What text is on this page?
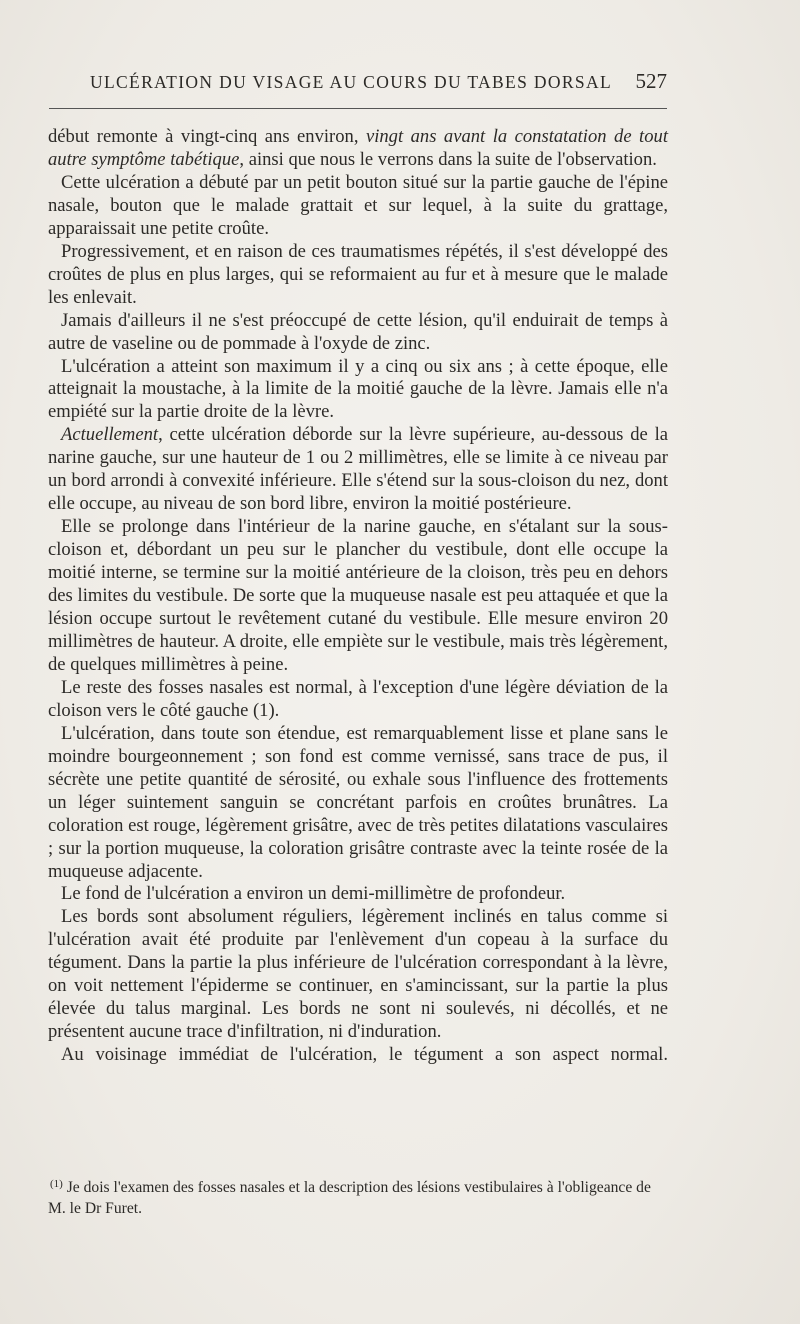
ULCÉRATION DU VISAGE AU COURS DU TABES DORSAL 527

début remonte à vingt-cinq ans environ, vingt ans avant la constatation de tout autre symptôme tabétique, ainsi que nous le verrons dans la suite de l'observation.

Cette ulcération a débuté par un petit bouton situé sur la partie gauche de l'épine nasale, bouton que le malade grattait et sur lequel, à la suite du grattage, apparaissait une petite croûte.

Progressivement, et en raison de ces traumatismes répétés, il s'est développé des croûtes de plus en plus larges, qui se reformaient au fur et à mesure que le malade les enlevait.

Jamais d'ailleurs il ne s'est préoccupé de cette lésion, qu'il enduirait de temps à autre de vaseline ou de pommade à l'oxyde de zinc.

L'ulcération a atteint son maximum il y a cinq ou six ans ; à cette époque, elle atteignait la moustache, à la limite de la moitié gauche de la lèvre. Jamais elle n'a empiété sur la partie droite de la lèvre.

Actuellement, cette ulcération déborde sur la lèvre supérieure, au-dessous de la narine gauche, sur une hauteur de 1 ou 2 millimètres, elle se limite à ce niveau par un bord arrondi à convexité inférieure. Elle s'étend sur la sous-cloison du nez, dont elle occupe, au niveau de son bord libre, environ la moitié postérieure.

Elle se prolonge dans l'intérieur de la narine gauche, en s'étalant sur la sous-cloison et, débordant un peu sur le plancher du vestibule, dont elle occupe la moitié interne, se termine sur la moitié antérieure de la cloison, très peu en dehors des limites du vestibule. De sorte que la muqueuse nasale est peu attaquée et que la lésion occupe surtout le revêtement cutané du vestibule. Elle mesure environ 20 millimètres de hauteur. A droite, elle empiète sur le vestibule, mais très légèrement, de quelques millimètres à peine.

Le reste des fosses nasales est normal, à l'exception d'une légère déviation de la cloison vers le côté gauche (1).

L'ulcération, dans toute son étendue, est remarquablement lisse et plane sans le moindre bourgeonnement ; son fond est comme vernissé, sans trace de pus, il sécrète une petite quantité de sérosité, ou exhale sous l'influence des frottements un léger suintement sanguin se concrétant parfois en croûtes brunâtres. La coloration est rouge, légèrement grisâtre, avec de très petites dilatations vasculaires ; sur la portion muqueuse, la coloration grisâtre contraste avec la teinte rosée de la muqueuse adjacente.

Le fond de l'ulcération a environ un demi-millimètre de profondeur.

Les bords sont absolument réguliers, légèrement inclinés en talus comme si l'ulcération avait été produite par l'enlèvement d'un copeau à la surface du tégument. Dans la partie la plus inférieure de l'ulcération correspondant à la lèvre, on voit nettement l'épiderme se continuer, en s'amincissant, sur la partie la plus élevée du talus marginal. Les bords ne sont ni soulevés, ni décollés, et ne présentent aucune trace d'infiltration, ni d'induration.

Au voisinage immédiat de l'ulcération, le tégument a son aspect normal.

$^{(1)}$ Je dois l'examen des fosses nasales et la description des lésions vestibulaires à l'obligeance de M. le Dr Furet.
